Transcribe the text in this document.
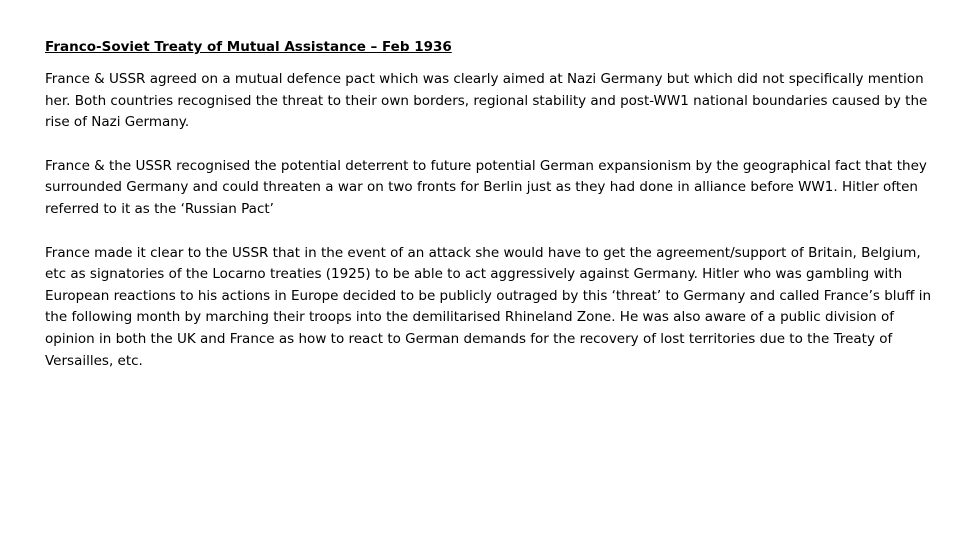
Franco-Soviet Treaty of Mutual Assistance – Feb 1936

France & USSR agreed on a mutual defence pact which was clearly aimed at Nazi Germany but which did not specifically mention her. Both countries recognised the threat to their own borders, regional stability and post-WW1 national boundaries caused by the rise of Nazi Germany.

France & the USSR recognised the potential deterrent to future potential German expansionism by the geographical fact that they surrounded Germany and could threaten a war on two fronts for Berlin just as they had done in alliance before WW1. Hitler often referred to it as the ‘Russian Pact’

France made it clear to the USSR that in the event of an attack she would have to get the agreement/support of Britain, Belgium, etc as signatories of the Locarno treaties (1925) to be able to act aggressively against Germany. Hitler who was gambling with European reactions to his actions in Europe decided to be publicly outraged by this ‘threat’ to Germany and called France’s bluff in the following month by marching their troops into the demilitarised Rhineland Zone. He was also aware of a public division of opinion in both the UK and France as how to react to German demands for the recovery of lost territories due to the Treaty of Versailles, etc.
